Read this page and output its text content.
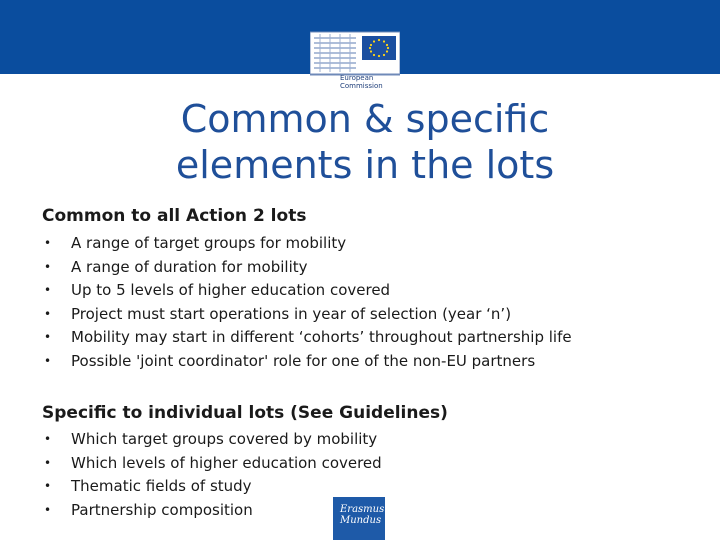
European
Commission
Common & specific elements in the lots
Common to all Action 2 lots
• A range of target groups for mobility
• A range of duration for mobility
• Up to 5 levels of higher education covered
• Project must start operations in year of selection (year ‘n’)
• Mobility may start in different ‘cohorts’ throughout partnership life
• Possible 'joint coordinator' role for one of the non-EU partners
Specific to individual lots (See Guidelines)
• Which target groups covered by mobility
• Which levels of higher education covered
• Thematic fields of study
• Partnership composition	Erasmus
Mundus
